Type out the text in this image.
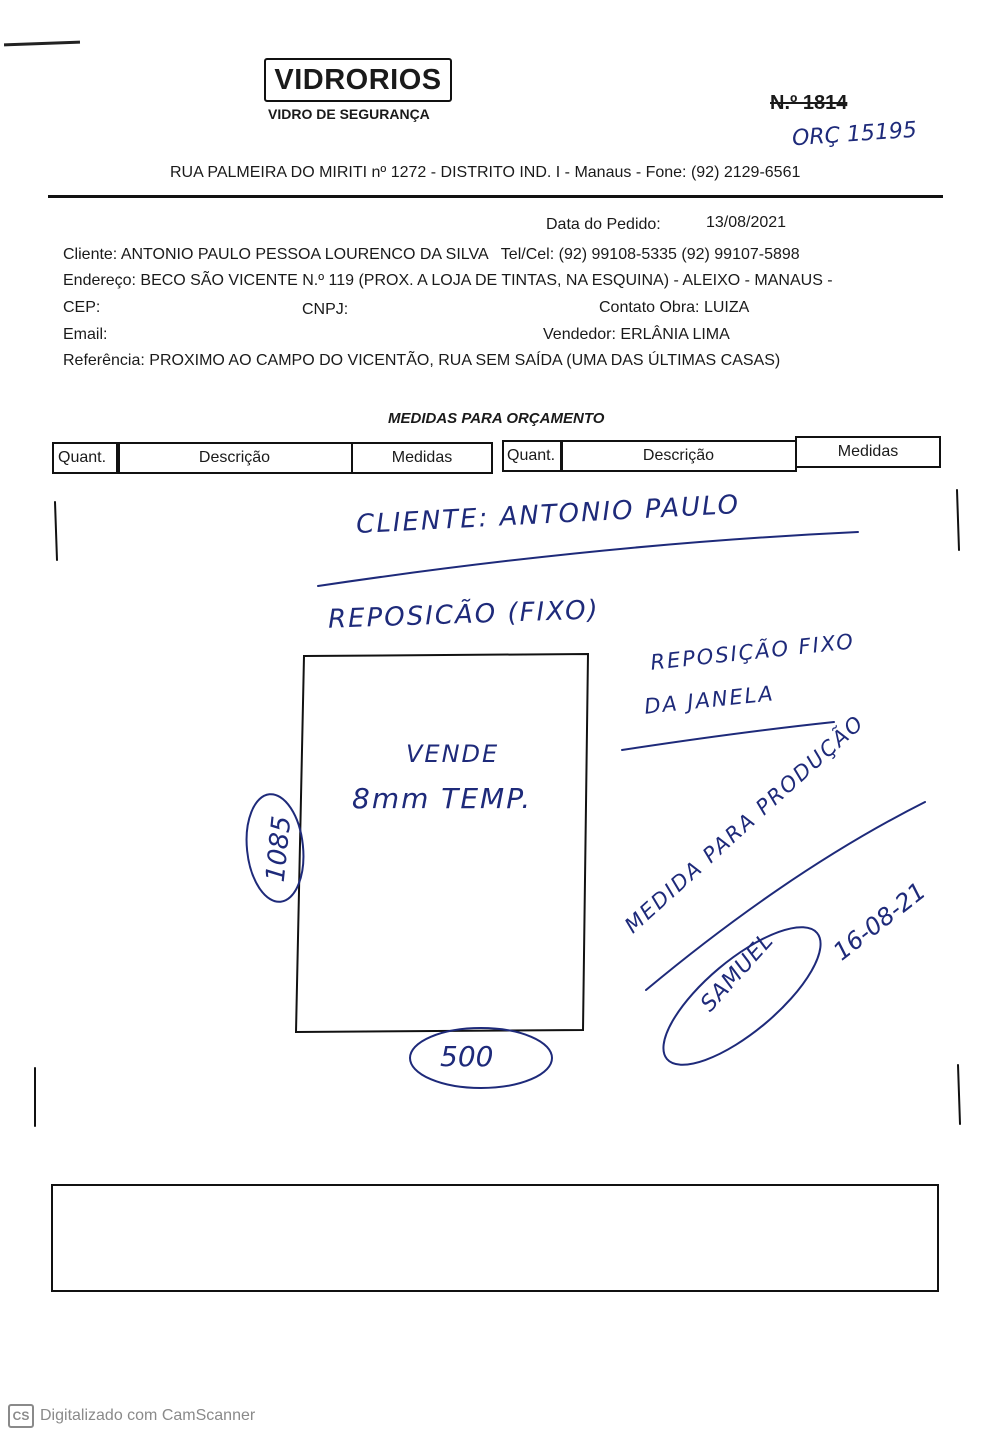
VIDRORIOS
VIDRO DE SEGURANÇA	N.º 1814
ORÇ 15195
RUA PALMEIRA DO MIRITI nº 1272 - DISTRITO IND. I - Manaus - Fone: (92) 2129-6561
Data do Pedido:	13/08/2021
Cliente: ANTONIO PAULO PESSOA LOURENCO DA SILVA Tel/Cel: (92) 99108-5335 (92) 99107-5898
Endereço: BECO SÃO VICENTE N.º 119 (PROX. A LOJA DE TINTAS, NA ESQUINA) - ALEIXO - MANAUS -
CEP:	CNPJ:	Contato Obra: LUIZA
Email:	Vendedor: ERLÂNIA LIMA
Referência: PROXIMO AO CAMPO DO VICENTÃO, RUA SEM SAÍDA (UMA DAS ÚLTIMAS CASAS)
MEDIDAS PARA ORÇAMENTO
Quant.	Descrição	Medidas	Quant.	Descrição	Medidas
CLIENTE: ANTONIO PAULO
REPOSICÃO (FIXO)
REPOSIÇÃO FIXO
DA JANELA
VENDE
8mm TEMP.
1085
500
MEDIDA PARA PRODUÇÃO
SAMUEL
16-08-21
CS Digitalizado com CamScanner
